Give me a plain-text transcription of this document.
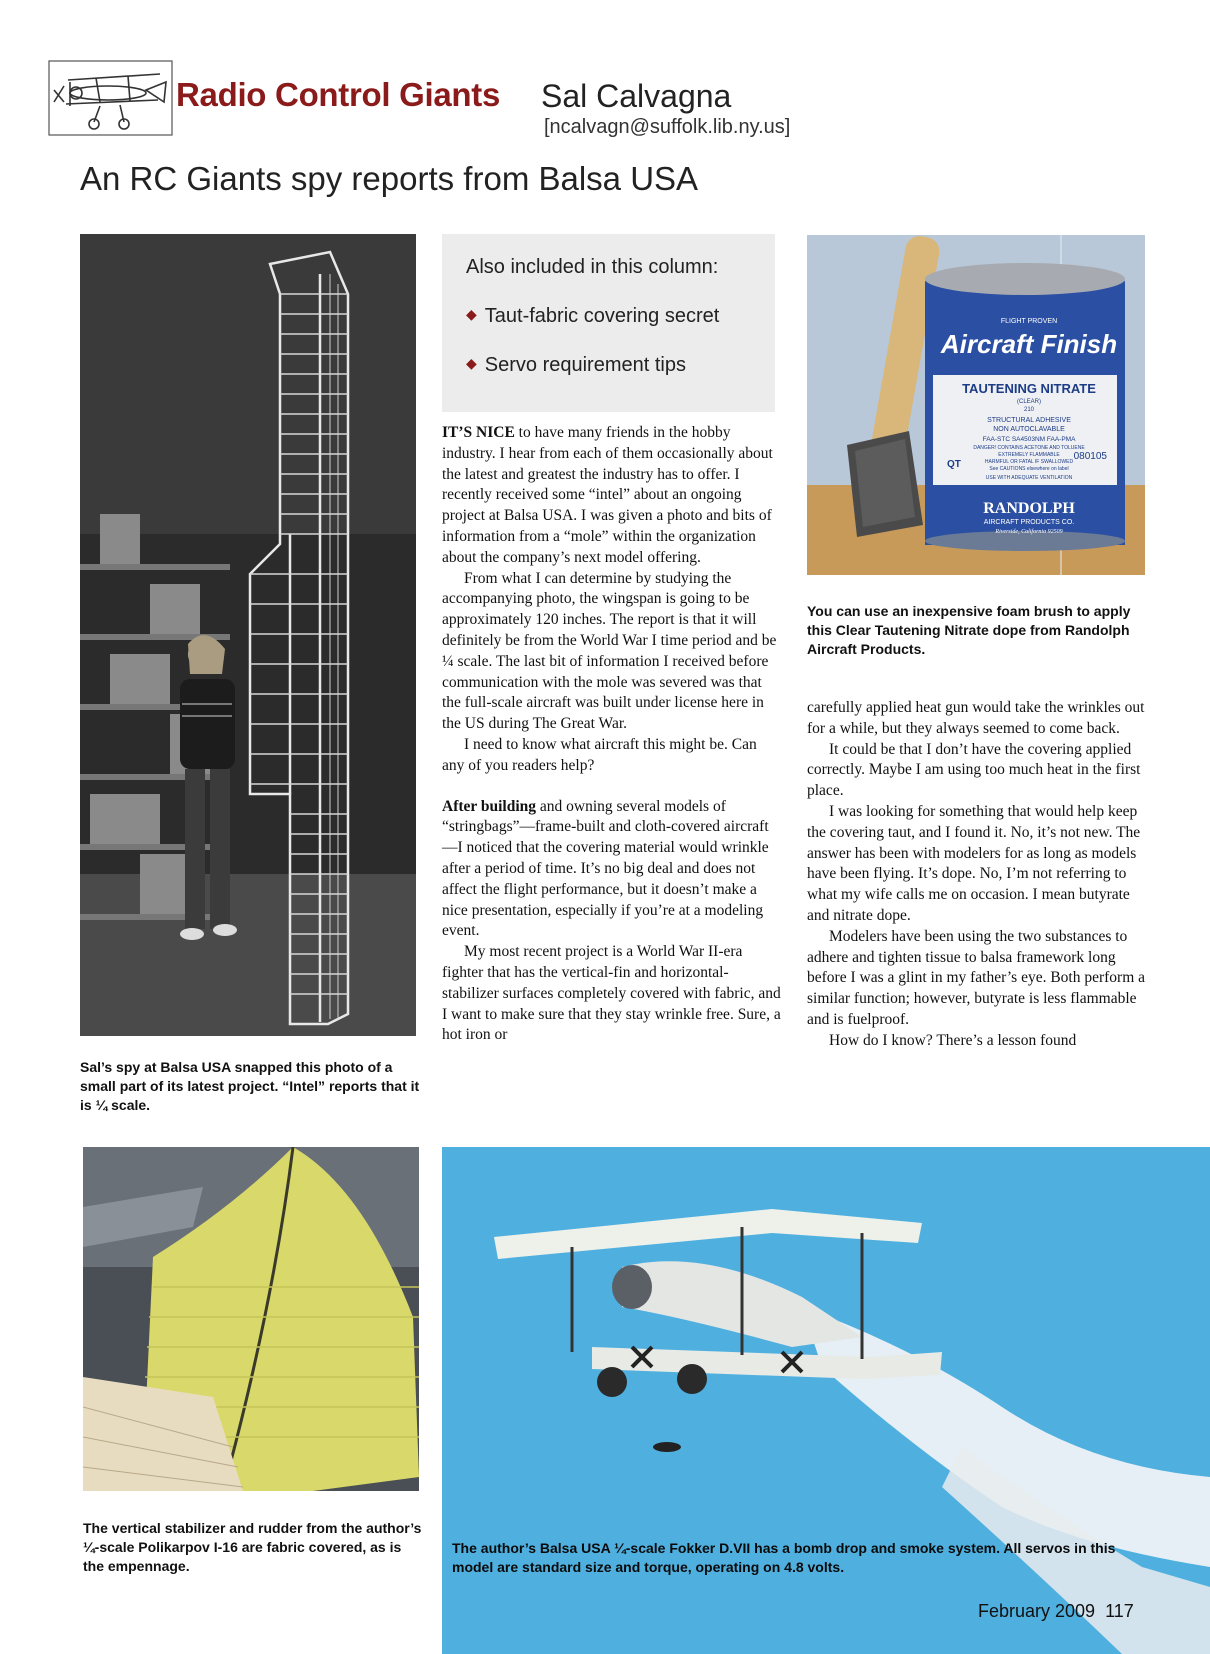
Radio Control Giants Sal Calvagna
[ncalvagn@suffolk.lib.ny.us]
An RC Giants spy reports from Balsa USA
Sal’s spy at Balsa USA snapped this photo of a small part of its latest project. “Intel” reports that it is ¼ scale.
Also included in this column:
◆ Taut-fabric covering secret
◆ Servo requirement tips
FLIGHT PROVEN
Aircraft Finish
TAUTENING NITRATE
(CLEAR)
210
STRUCTURAL ADHESIVE
NON AUTOCLAVABLE
FAA-STC SA4503NM FAA-PMA
DANGER! CONTAINS ACETONE AND TOLUENE
EXTREMELY FLAMMABLE
HARMFUL OR FATAL IF SWALLOWED
See CAUTIONS elsewhere on label
USE WITH ADEQUATE VENTILATION
QT
080105
RANDOLPH
AIRCRAFT PRODUCTS CO.
Riverside, California 92509
You can use an inexpensive foam brush to apply this Clear Tautening Nitrate dope from Randolph Aircraft Products.

IT’S NICE to have many friends in the hobby industry. I hear from each of them occasionally about the latest and greatest the industry has to offer. I recently received some “intel” about an ongoing project at Balsa USA. I was given a photo and bits of information from a “mole” within the organization about the company’s next model offering.

From what I can determine by studying the accompanying photo, the wingspan is going to be approximately 120 inches. The report is that it will definitely be from the World War I time period and be ¼ scale. The last bit of information I received before communication with the mole was severed was that the full-scale aircraft was built under license here in the US during The Great War.

I need to know what aircraft this might be. Can any of you readers help?

After building and owning several models of “stringbags”—frame-built and cloth-covered aircraft—I noticed that the covering material would wrinkle after a period of time. It’s no big deal and does not affect the flight performance, but it doesn’t make a nice presentation, especially if you’re at a modeling event.

My most recent project is a World War II-era fighter that has the vertical-fin and horizontal-stabilizer surfaces completely covered with fabric, and I want to make sure that they stay wrinkle free. Sure, a hot iron or

carefully applied heat gun would take the wrinkles out for a while, but they always seemed to come back.

It could be that I don’t have the covering applied correctly. Maybe I am using too much heat in the first place.

I was looking for something that would help keep the covering taut, and I found it. No, it’s not new. The answer has been with modelers for as long as models have been flying. It’s dope. No, I’m not referring to what my wife calls me on occasion. I mean butyrate and nitrate dope.

Modelers have been using the two substances to adhere and tighten tissue to balsa framework long before I was a glint in my father’s eye. Both perform a similar function; however, butyrate is less flammable and is fuelproof.

How do I know? There’s a lesson found

The vertical stabilizer and rudder from the author’s ¼-scale Polikarpov I-16 are fabric covered, as is the empennage.
The author’s Balsa USA ¼-scale Fokker D.VII has a bomb drop and smoke system. All servos in this model are standard size and torque, operating on 4.8 volts.
February 2009 117
